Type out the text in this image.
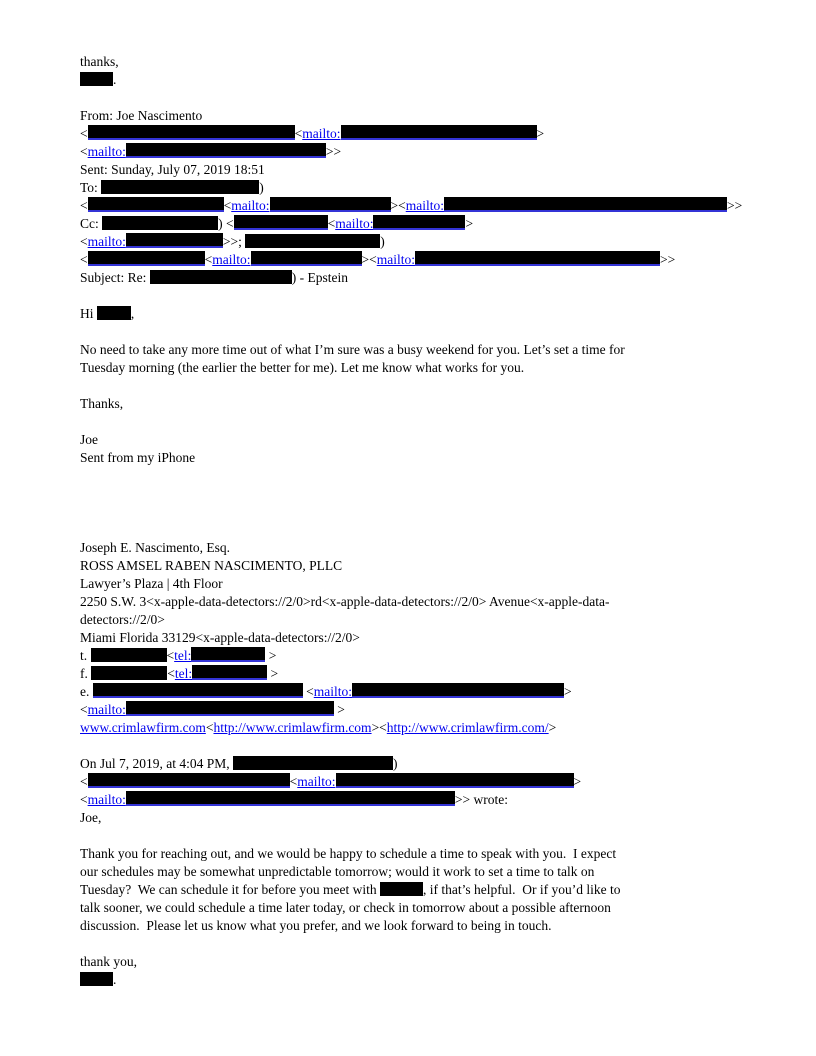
thanks,
.

From: Joe Nascimento
<	<mailto:	>
<mailto:	>>
Sent: Sunday, July 07, 2019 18:51
To:	)
<	<mailto:	><mailto:	>>
Cc:	) <	<mailto:	>
<mailto:	>>;	)
<	<mailto:	><mailto:	>>
Subject: Re:	) - Epstein

Hi	,

No need to take any more time out of what I’m sure was a busy weekend for you. Let’s set a time for
Tuesday morning (the earlier the better for me). Let me know what works for you.

Thanks,

Joe
Sent from my iPhone

Joseph E. Nascimento, Esq.
ROSS AMSEL RABEN NASCIMENTO, PLLC
Lawyer’s Plaza | 4th Floor
2250 S.W. 3<x-apple-data-detectors://2/0>rd<x-apple-data-detectors://2/0> Avenue<x-apple-data-
detectors://2/0>
Miami Florida 33129<x-apple-data-detectors://2/0>
t.	<tel:	>
f.	<tel:	>
e.	<mailto:	>
<mailto:	>
www.crimlawfirm.com<http://www.crimlawfirm.com><http://www.crimlawfirm.com/>

On Jul 7, 2019, at 4:04 PM,	)
<	<mailto:	>
<mailto:	>> wrote:
Joe,

Thank you for reaching out, and we would be happy to schedule a time to speak with you.  I expect
our schedules may be somewhat unpredictable tomorrow; would it work to set a time to talk on
Tuesday?  We can schedule it for before you meet with	, if that’s helpful.  Or if you’d like to
talk sooner, we could schedule a time later today, or check in tomorrow about a possible afternoon
discussion.  Please let us know what you prefer, and we look forward to being in touch.

thank you,
.
